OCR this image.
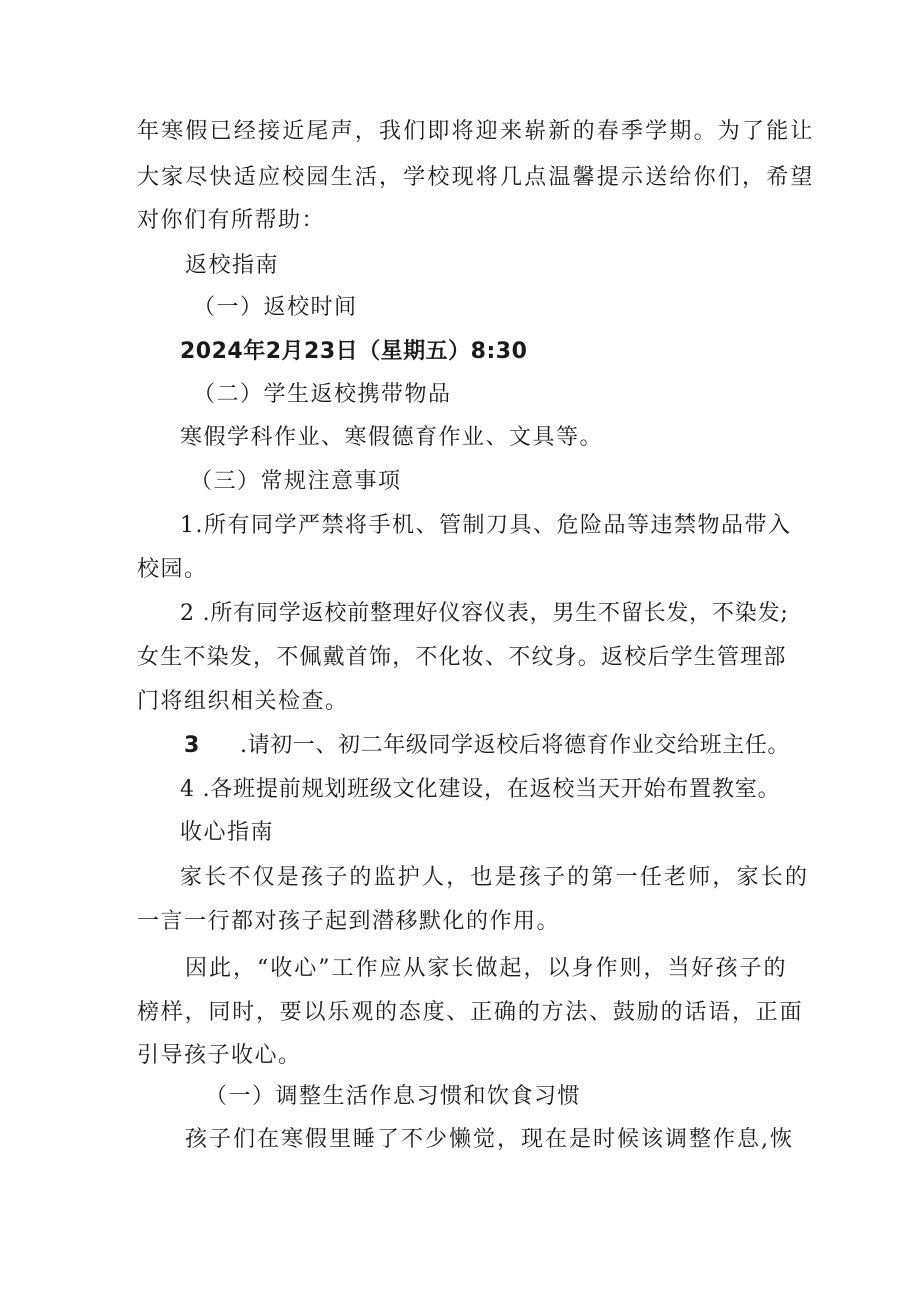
年寒假已经接近尾声，我们即将迎来崭新的春季学期。为了能让
大家尽快适应校园生活，学校现将几点温馨提示送给你们，希望
对你们有所帮助：
返校指南
（一）返校时间
2024年2月23日（星期五）8:30
（二）学生返校携带物品
寒假学科作业、寒假德育作业、文具等。
（三）常规注意事项
1.所有同学严禁将手机、管制刀具、危险品等违禁物品带入
校园。
2 .所有同学返校前整理好仪容仪表，男生不留长发，不染发;
女生不染发，不佩戴首饰，不化妆、不纹身。返校后学生管理部
门将组织相关检查。
3 .请初一、初二年级同学返校后将德育作业交给班主任。
4 .各班提前规划班级文化建设，在返校当天开始布置教室。
收心指南
家长不仅是孩子的监护人，也是孩子的第一任老师，家长的
一言一行都对孩子起到潜移默化的作用。
因此，“收心”工作应从家长做起，以身作则，当好孩子的
榜样，同时，要以乐观的态度、正确的方法、鼓励的话语，正面
引导孩子收心。
（一）调整生活作息习惯和饮食习惯
孩子们在寒假里睡了不少懒觉，现在是时候该调整作息,恢
